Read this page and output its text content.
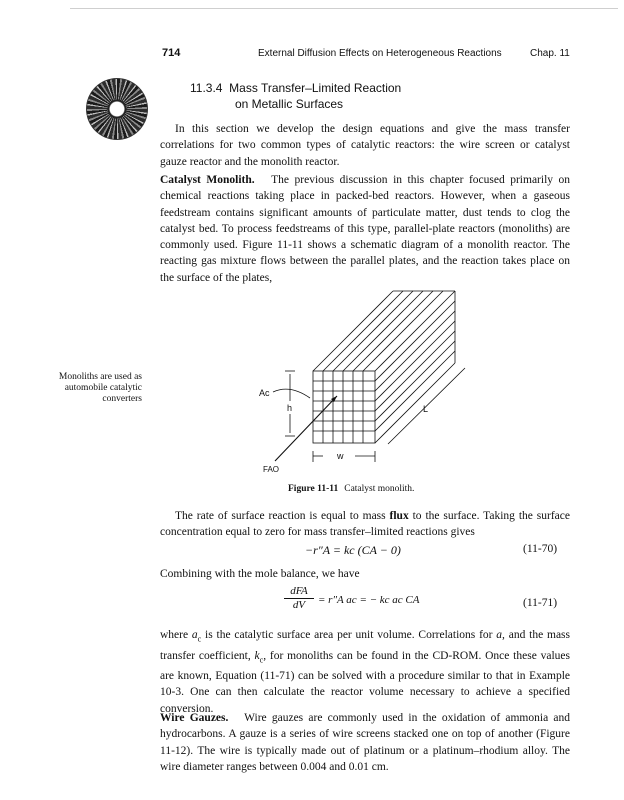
714	External Diffusion Effects on Heterogeneous Reactions	Chap. 11
11.3.4 Mass Transfer–Limited Reaction
on Metallic Surfaces

In this section we develop the design equations and give the mass transfer correlations for two common types of catalytic reactors: the wire screen or catalyst gauze reactor and the monolith reactor.

Catalyst Monolith. The previous discussion in this chapter focused primarily on chemical reactions taking place in packed-bed reactors. However, when a gaseous feedstream contains significant amounts of particulate matter, dust tends to clog the catalyst bed. To process feedstreams of this type, parallel-plate reactors (monoliths) are commonly used. Figure 11-11 shows a schematic diagram of a monolith reactor. The reacting gas mixture flows between the parallel plates, and the reaction takes place on the surface of the plates,

Monoliths are used as automobile catalytic converters
Ac
h
w
L
FAO
Figure 11-11 Catalyst monolith.

The rate of surface reaction is equal to mass flux to the surface. Taking the surface concentration equal to zero for mass transfer–limited reactions gives

−r″A = kc (CA − 0)	(11-70)

Combining with the mole balance, we have

dFA
dV	= r″A ac = − kc ac CA	(11-71)

where $a_c$ is the catalytic surface area per unit volume. Correlations for a, and the mass transfer coefficient, $k_c$, for monoliths can be found in the CD-ROM. Once these values are known, Equation (11-71) can be solved with a procedure similar to that in Example 10-3. One can then calculate the reactor volume necessary to achieve a specified conversion.

Wire Gauzes. Wire gauzes are commonly used in the oxidation of ammonia and hydrocarbons. A gauze is a series of wire screens stacked one on top of another (Figure 11-12). The wire is typically made out of platinum or a platinum–rhodium alloy. The wire diameter ranges between 0.004 and 0.01 cm.
